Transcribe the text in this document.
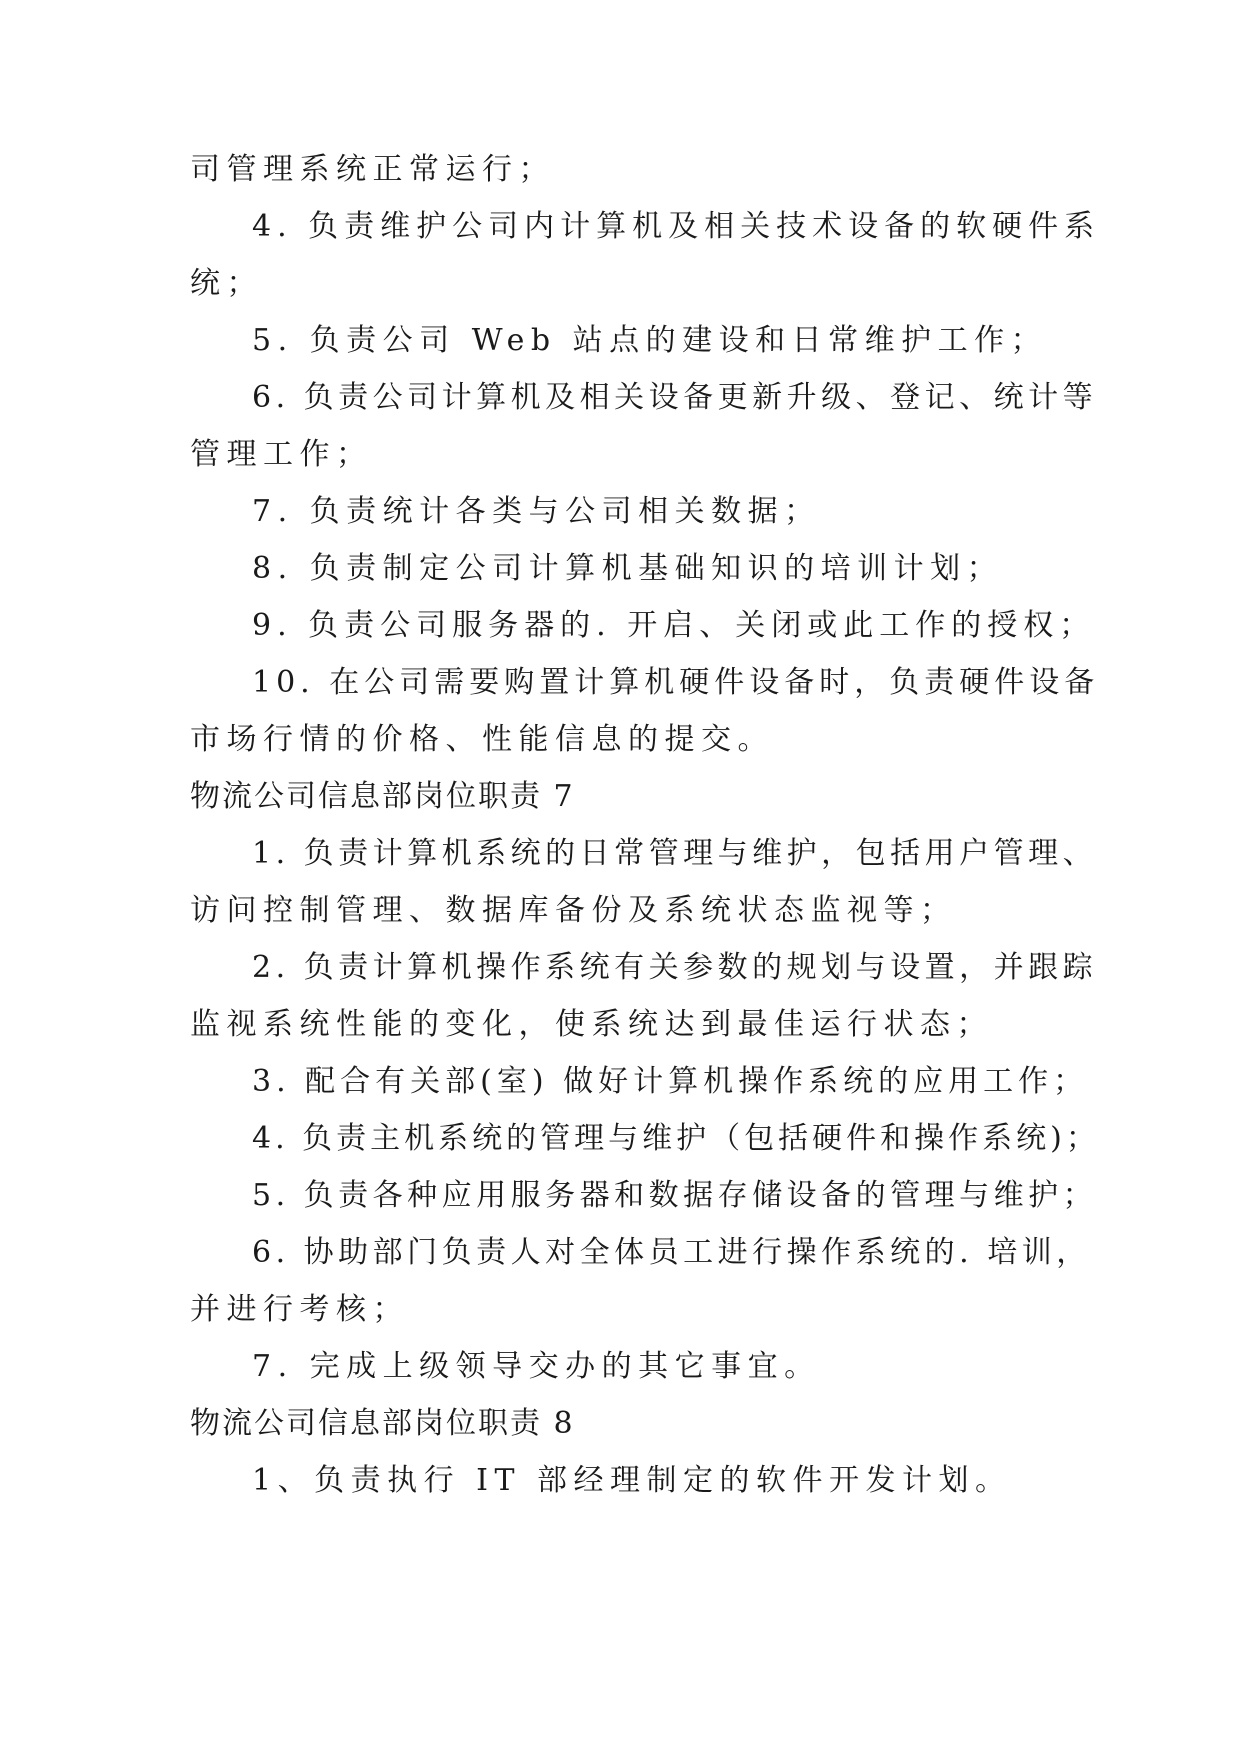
司管理系统正常运行；
4. 负责维护公司内计算机及相关技术设备的软硬件系
统；
5. 负责公司 Web 站点的建设和日常维护工作；
6. 负责公司计算机及相关设备更新升级、登记、统计等
管理工作；
7. 负责统计各类与公司相关数据；
8. 负责制定公司计算机基础知识的培训计划；
9. 负责公司服务器的. 开启、关闭或此工作的授权；
10. 在公司需要购置计算机硬件设备时，负责硬件设备
市场行情的价格、性能信息的提交。
物流公司信息部岗位职责 7
1. 负责计算机系统的日常管理与维护，包括用户管理、
访问控制管理、数据库备份及系统状态监视等；
2. 负责计算机操作系统有关参数的规划与设置，并跟踪
监视系统性能的变化，使系统达到最佳运行状态；
3. 配合有关部(室) 做好计算机操作系统的应用工作；
4. 负责主机系统的管理与维护（包括硬件和操作系统)；
5. 负责各种应用服务器和数据存储设备的管理与维护；
6. 协助部门负责人对全体员工进行操作系统的. 培训，
并进行考核；
7. 完成上级领导交办的其它事宜。
物流公司信息部岗位职责 8
1、负责执行 IT 部经理制定的软件开发计划。
